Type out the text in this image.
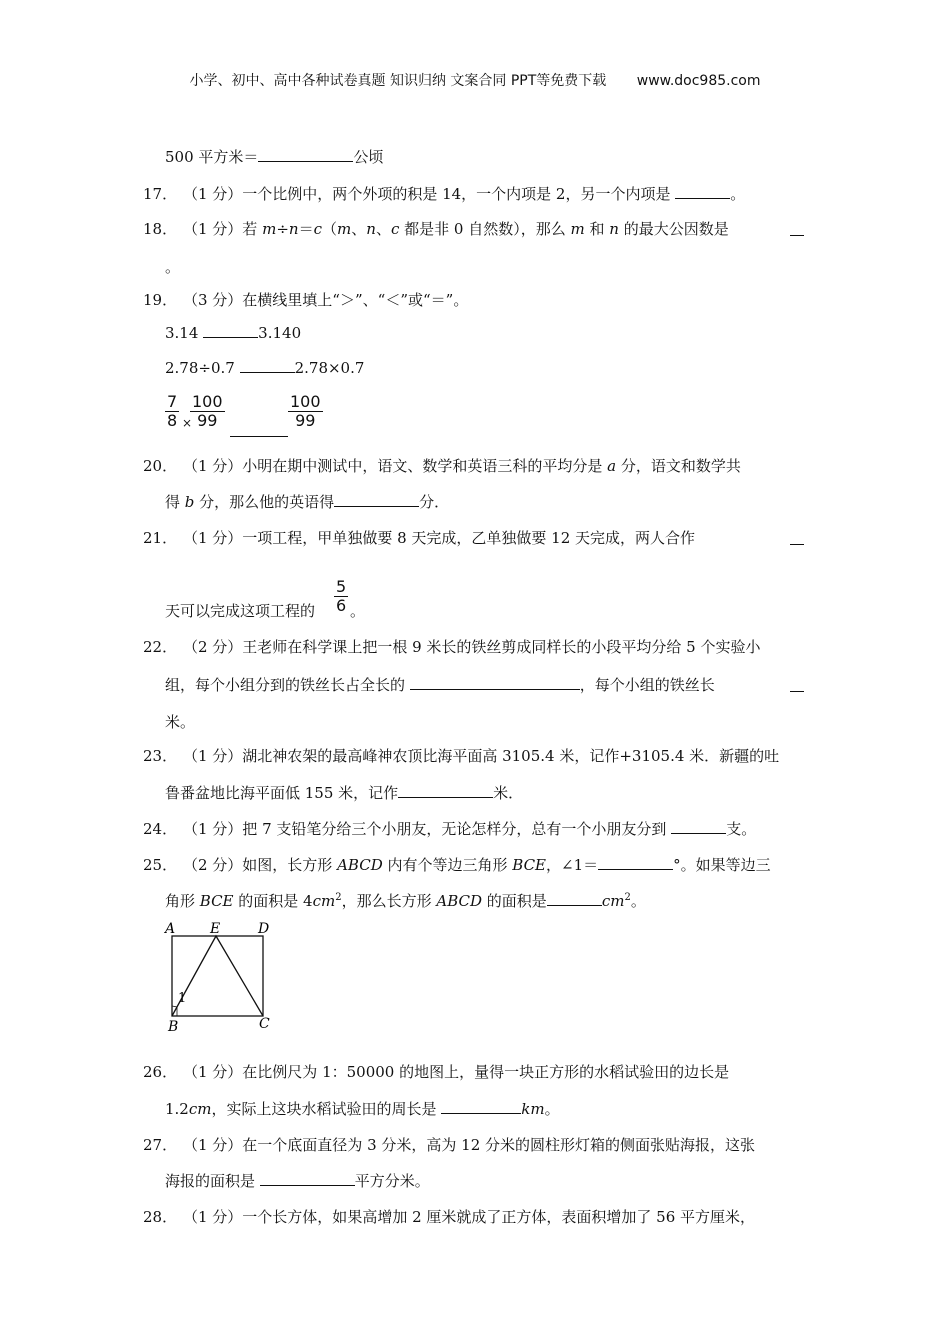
小学、初中、高中各种试卷真题 知识归纳 文案合同 PPT等免费下载 www.doc985.com
500 平方米＝	公顷
17． （1 分）一个比例中，两个外项的积是 14，一个内项是 2，另一个内项是	。
18． （1 分）若 m÷n＝c（m、n、c 都是非 0 自然数），那么 m 和 n 的最大公因数是
。
19． （3 分）在横线里填上“＞”、“＜”或“＝”。
3.14	3.140
2.78÷0.7	2.78×0.7
$\frac{7}{8}$ ×
$\frac{100}{99}$	$\frac{100}{99}$
20． （1 分）小明在期中测试中，语文、数学和英语三科的平均分是 a 分，语文和数学共
得 b 分，那么他的英语得	分．
21． （1 分）一项工程，甲单独做要 8 天完成，乙单独做要 12 天完成，两人合作
天可以完成这项工程的 $\frac{5}{6}$ 。
22． （2 分）王老师在科学课上把一根 9 米长的铁丝剪成同样长的小段平均分给 5 个实验小
组，每个小组分到的铁丝长占全长的	，每个小组的铁丝长
米。
23． （1 分）湖北神农架的最高峰神农顶比海平面高 3105.4 米，记作+3105.4 米．新疆的吐
鲁番盆地比海平面低 155 米，记作	米．
24． （1 分）把 7 支铅笔分给三个小朋友，无论怎样分，总有一个小朋友分到	支。
25． （2 分）如图，长方形 ABCD 内有个等边三角形 BCE，∠1＝	°。如果等边三
角形 BCE 的面积是 $4cm^2$，那么长方形 ABCD 的面积是	$cm^2$。
A E	D
B	C
1
26． （1 分）在比例尺为 1：50000 的地图上，量得一块正方形的水稻试验田的边长是
1.2cm，实际上这块水稻试验田的周长是	km。
27． （1 分）在一个底面直径为 3 分米，高为 12 分米的圆柱形灯箱的侧面张贴海报，这张
海报的面积是	平方分米。
28． （1 分）一个长方体，如果高增加 2 厘米就成了正方体，表面积增加了 56 平方厘米，
